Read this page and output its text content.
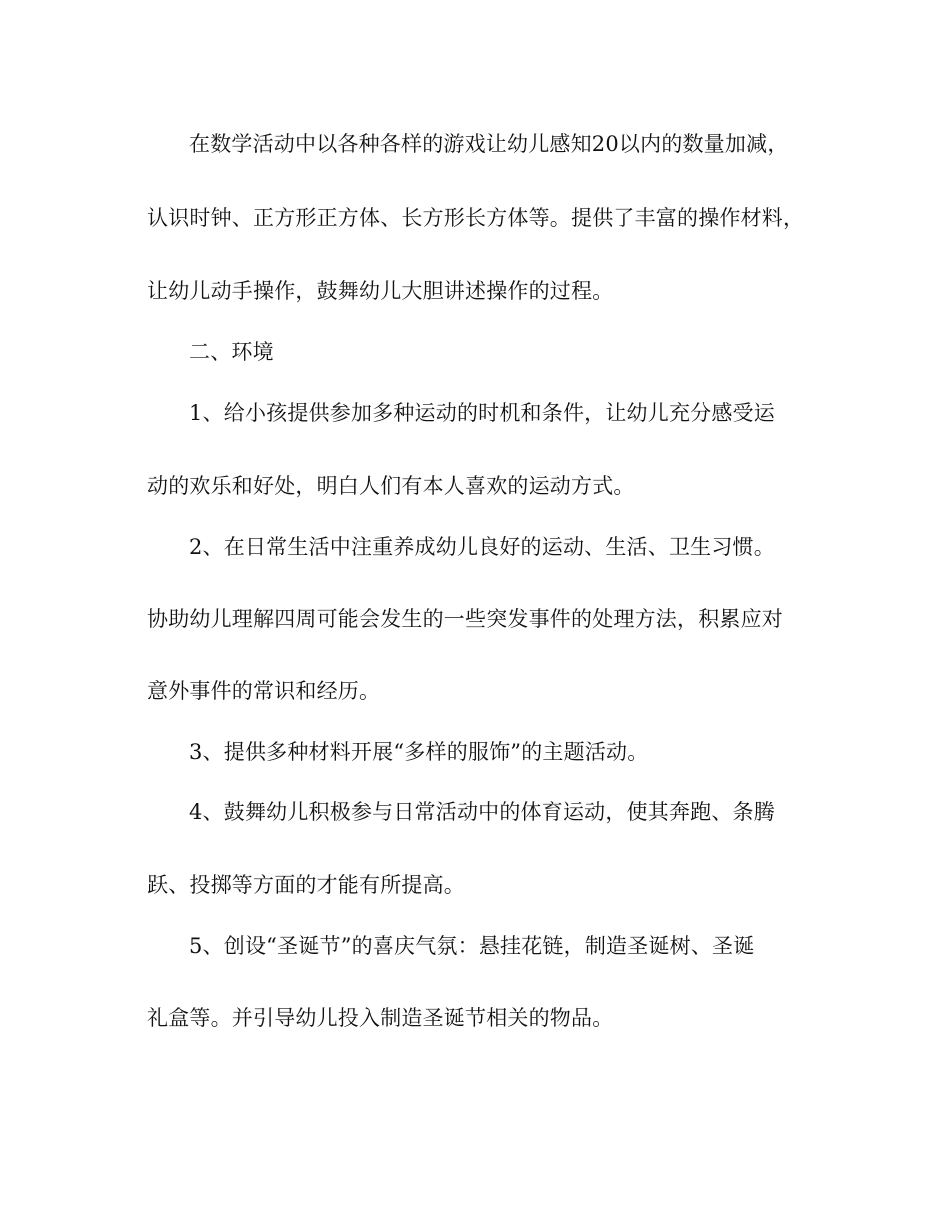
在数学活动中以各种各样的游戏让幼儿感知20以内的数量加减，
认识时钟、正方形正方体、长方形长方体等。提供了丰富的操作材料，
让幼儿动手操作，鼓舞幼儿大胆讲述操作的过程。
二、环境
1、给小孩提供参加多种运动的时机和条件，让幼儿充分感受运
动的欢乐和好处，明白人们有本人喜欢的运动方式。
2、在日常生活中注重养成幼儿良好的运动、生活、卫生习惯。
协助幼儿理解四周可能会发生的一些突发事件的处理方法，积累应对
意外事件的常识和经历。
3、提供多种材料开展“多样的服饰”的主题活动。
4、鼓舞幼儿积极参与日常活动中的体育运动，使其奔跑、条腾
跃、投掷等方面的才能有所提高。
5、创设“圣诞节”的喜庆气氛：悬挂花链，制造圣诞树、圣诞
礼盒等。并引导幼儿投入制造圣诞节相关的物品。
